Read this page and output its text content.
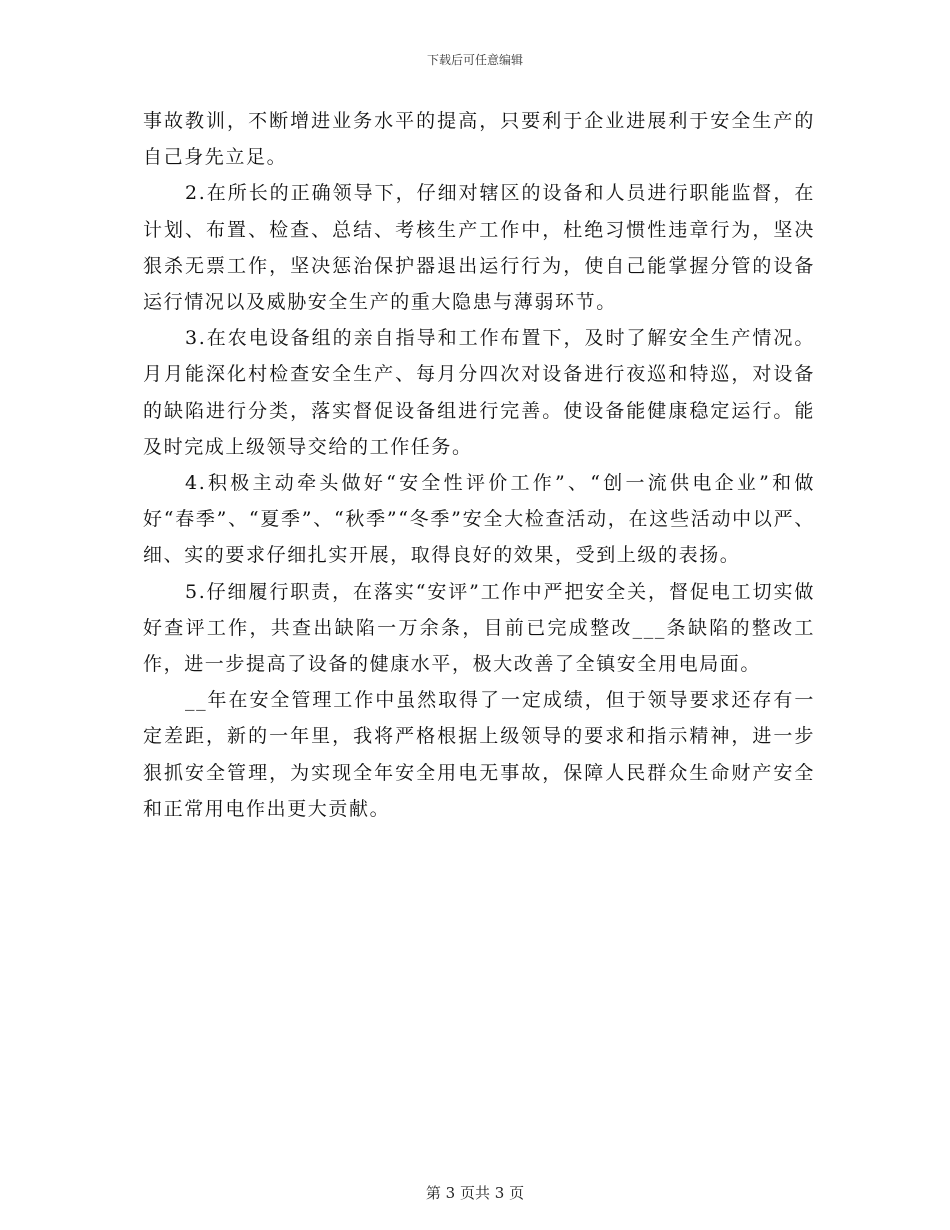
下载后可任意编辑

事故教训，不断增进业务水平的提高，只要利于企业进展利于安全生产的自己身先立足。

2.在所长的正确领导下，仔细对辖区的设备和人员进行职能监督，在计划、布置、检查、总结、考核生产工作中，杜绝习惯性违章行为，坚决狠杀无票工作，坚决惩治保护器退出运行行为，使自己能掌握分管的设备运行情况以及威胁安全生产的重大隐患与薄弱环节。

3.在农电设备组的亲自指导和工作布置下，及时了解安全生产情况。月月能深化村检查安全生产、每月分四次对设备进行夜巡和特巡，对设备的缺陷进行分类，落实督促设备组进行完善。使设备能健康稳定运行。能及时完成上级领导交给的工作任务。

4.积极主动牵头做好“安全性评价工作”、“创一流供电企业”和做好“春季”、“夏季”、“秋季”“冬季”安全大检查活动，在这些活动中以严、细、实的要求仔细扎实开展，取得良好的效果，受到上级的表扬。

5.仔细履行职责，在落实“安评”工作中严把安全关，督促电工切实做好查评工作，共查出缺陷一万余条，目前已完成整改___条缺陷的整改工作，进一步提高了设备的健康水平，极大改善了全镇安全用电局面。

__年在安全管理工作中虽然取得了一定成绩，但于领导要求还存有一定差距，新的一年里，我将严格根据上级领导的要求和指示精神，进一步狠抓安全管理，为实现全年安全用电无事故，保障人民群众生命财产安全和正常用电作出更大贡献。

第 3 页共 3 页
